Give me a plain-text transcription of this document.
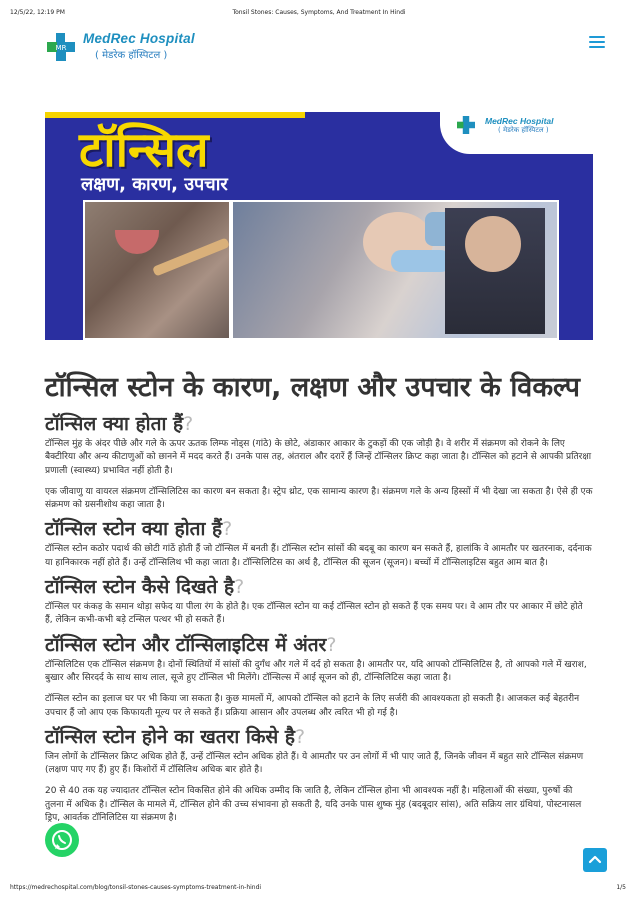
12/5/22, 12:19 PM	Tonsil Stones: Causes, Symptoms, And Treatment In Hindi
MR
MedRec Hospital
( मेडरेक हॉस्पिटल )
MedRec Hospital
( मेडरेक हॉस्पिटल )
टॉन्सिल
लक्षण, कारण, उपचार
टॉन्सिल स्टोन के कारण, लक्षण और उपचार के विकल्प
टॉन्सिल क्या होता हैं?

टॉन्सिल मुंह के अंदर पीछे और गले के ऊपर ऊतक लिम्फ नोड्स (गांठे) के छोटे, अंडाकार आकार के टुकड़ों की एक जोड़ी है। वे शरीर में संक्रमण को रोकने के लिए बैक्टीरिया और अन्य कीटाणुओं को छानने में मदद करते हैं। उनके पास तह, अंतराल और दरारें हैं जिन्हें टॉन्सिलर क्रिप्ट कहा जाता है। टॉन्सिल को हटाने से आपकी प्रतिरक्षा प्रणाली (स्वास्थ्य) प्रभावित नहीं होती है।

एक जीवाणु या वायरल संक्रमण टॉन्सिलिटिस का कारण बन सकता है। स्ट्रेप थ्रोट, एक सामान्य कारण है। संक्रमण गले के अन्य हिस्सों में भी देखा जा सकता है। ऐसे ही एक संक्रमण को ग्रसनीशोथ कहा जाता है।

टॉन्सिल स्टोन क्या होता हैं?

टॉन्सिल स्टोन कठोर पदार्थ की छोटी गांठें होती हैं जो टॉन्सिल में बनती हैं। टॉन्सिल स्टोन सांसों की बदबू का कारण बन सकते हैं, हालांकि वे आमतौर पर खतरनाक, दर्दनाक या हानिकारक नहीं होते हैं। उन्हें टॉन्सिलिथ भी कहा जाता है। टॉन्सिलिटिस का अर्थ है, टॉन्सिल की सूजन (सूजन)। बच्चों में टॉन्सिलाइटिस बहुत आम बात है।

टॉन्सिल स्टोन कैसे दिखते है?

टॉन्सिल पर कंकड़ के समान थोड़ा सफेद या पीला रंग के होते है। एक टॉन्सिल स्टोन या कई टॉन्सिल स्टोन हो सकते हैं एक समय पर। वे आम तौर पर आकार में छोटे होते हैं, लेकिन कभी-कभी बड़े टन्सिल पत्थर भी हो सकते हैं।

टॉन्सिल स्टोन और टॉन्सिलाइटिस में अंतर?

टॉन्सिलिटिस एक टॉन्सिल संक्रमण है। दोनों स्थितियों में सांसों की दुर्गंध और गले में दर्द हो सकता है। आमतौर पर, यदि आपको टॉन्सिलिटिस है, तो आपको गले में खराश, बुखार और सिरदर्द के साथ साथ लाल, सूजे हुए टॉन्सिल भी मिलेंगे। टॉन्सिल्स में आई सूजन को ही, टॉन्सिलिटिस कहा जाता है।

टॉन्सिल स्टोन का इलाज घर पर भी किया जा सकता है। कुछ मामलों में, आपको टॉन्सिल को हटाने के लिए सर्जरी की आवश्यकता हो सकती है। आजकल कई बेहतरीन उपचार हैं जो आप एक किफायती मूल्य पर ले सकते हैं। प्रक्रिया आसान और उपलब्ध और त्वरित भी हो गई है।

टॉन्सिल स्टोन होने का खतरा किसे है?

जिन लोगों के टॉन्सिलर क्रिप्ट अधिक होते हैं, उन्हें टॉन्सिल स्टोन अधिक होते हैं। ये आमतौर पर उन लोगों में भी पाए जाते हैं, जिनके जीवन में बहुत सारे टॉन्सिल संक्रमण (लक्षण पाए गए हैं) हुए हैं। किशोरों में टॉसिलिथ अधिक बार होते है।

20 से 40 तक यह ज्यादातर टॉन्सिल स्टोन विकसित होने की अधिक उम्मीद कि जाति है, लेकिन टॉन्सिल होना भी आवश्यक नहीं है। महिलाओं की संख्या, पुरुषों की तुलना में अधिक है। टॉन्सिल के मामले में, टॉन्सिल होने की उच्च संभावना हो सकती है, यदि उनके पास शुष्क मुंह (बदबूदार सांस), अति सक्रिय लार ग्रंथियां, पोस्टनासल ड्रिप, आवर्तक टॉनिलिटिस या संक्रमण है।

https://medrechospital.com/blog/tonsil-stones-causes-symptoms-treatment-in-hindi	1/5
